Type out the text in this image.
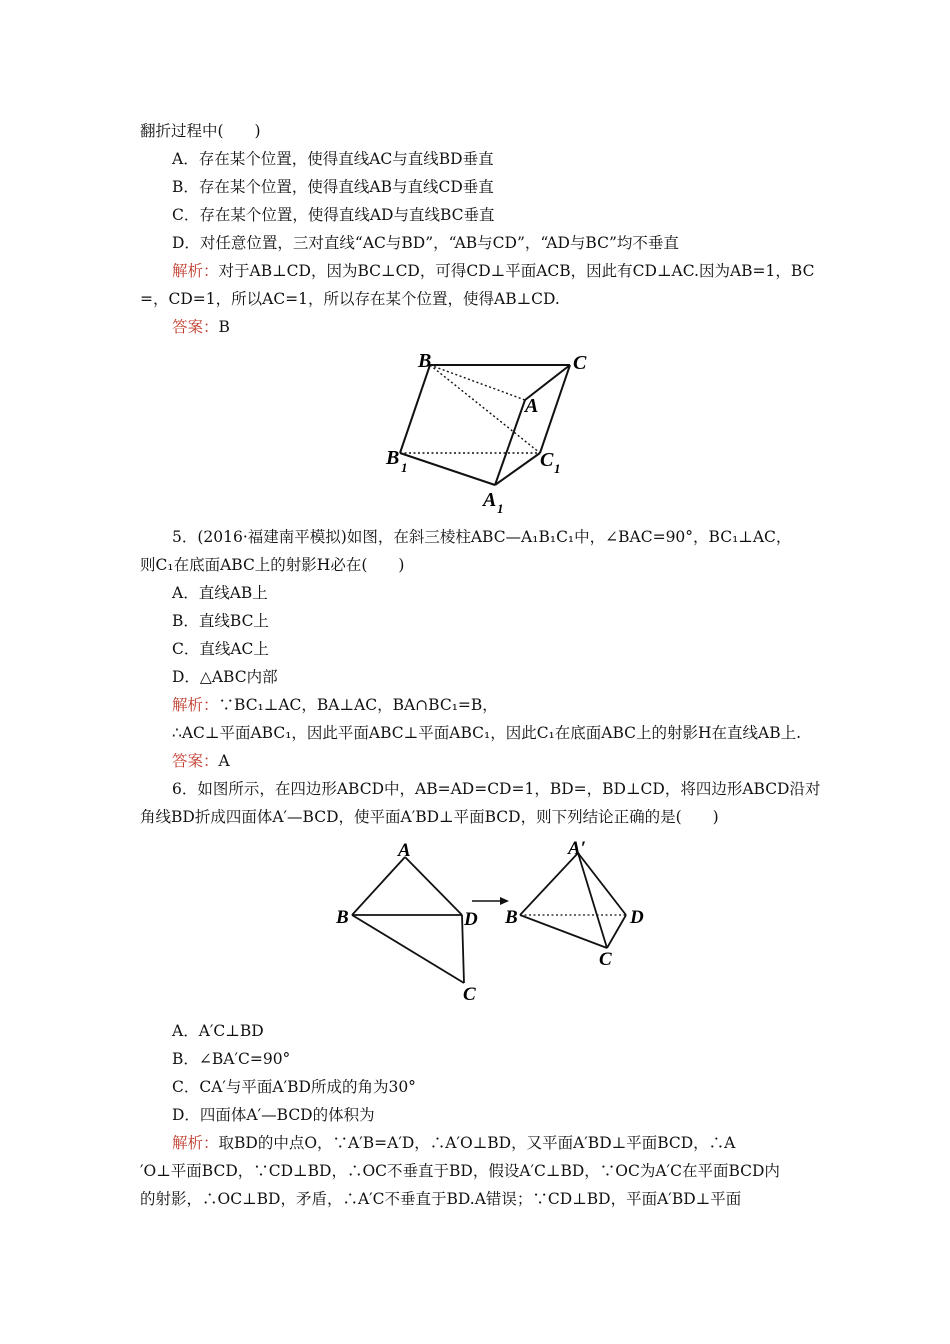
翻折过程中(　　)
A．存在某个位置，使得直线AC与直线BD垂直
B．存在某个位置，使得直线AB与直线CD垂直
C．存在某个位置，使得直线AD与直线BC垂直
D．对任意位置，三对直线“AC与BD”，“AB与CD”，“AD与BC”均不垂直
解析：对于AB⊥CD，因为BC⊥CD，可得CD⊥平面ACB，因此有CD⊥AC.因为AB=1，BC
=，CD=1，所以AC=1，所以存在某个位置，使得AB⊥CD.
答案：B
B	C
A
B 1	C 1
A 1
5．(2016·福建南平模拟)如图，在斜三棱柱ABC—A₁B₁C₁中，∠BAC=90°，BC₁⊥AC，
则C₁在底面ABC上的射影H必在(　　)
A．直线AB上
B．直线BC上
C．直线AC上
D．△ABC内部
解析：∵BC₁⊥AC，BA⊥AC，BA∩BC₁=B，
∴AC⊥平面ABC₁，因此平面ABC⊥平面ABC₁，因此C₁在底面ABC上的射影H在直线AB上.
答案：A
6．如图所示，在四边形ABCD中，AB=AD=CD=1，BD=，BD⊥CD，将四边形ABCD沿对
角线BD折成四面体A′—BCD，使平面A′BD⊥平面BCD，则下列结论正确的是(　　)
A
B	D
C
A′
B	D
C
A．A′C⊥BD
B．∠BA′C=90°
C．CA′与平面A′BD所成的角为30°
D．四面体A′—BCD的体积为
解析：取BD的中点O，∵A′B=A′D，∴A′O⊥BD，又平面A′BD⊥平面BCD，∴A
′O⊥平面BCD，∵CD⊥BD，∴OC不垂直于BD，假设A′C⊥BD，∵OC为A′C在平面BCD内
的射影，∴OC⊥BD，矛盾，∴A′C不垂直于BD.A错误；∵CD⊥BD，平面A′BD⊥平面
